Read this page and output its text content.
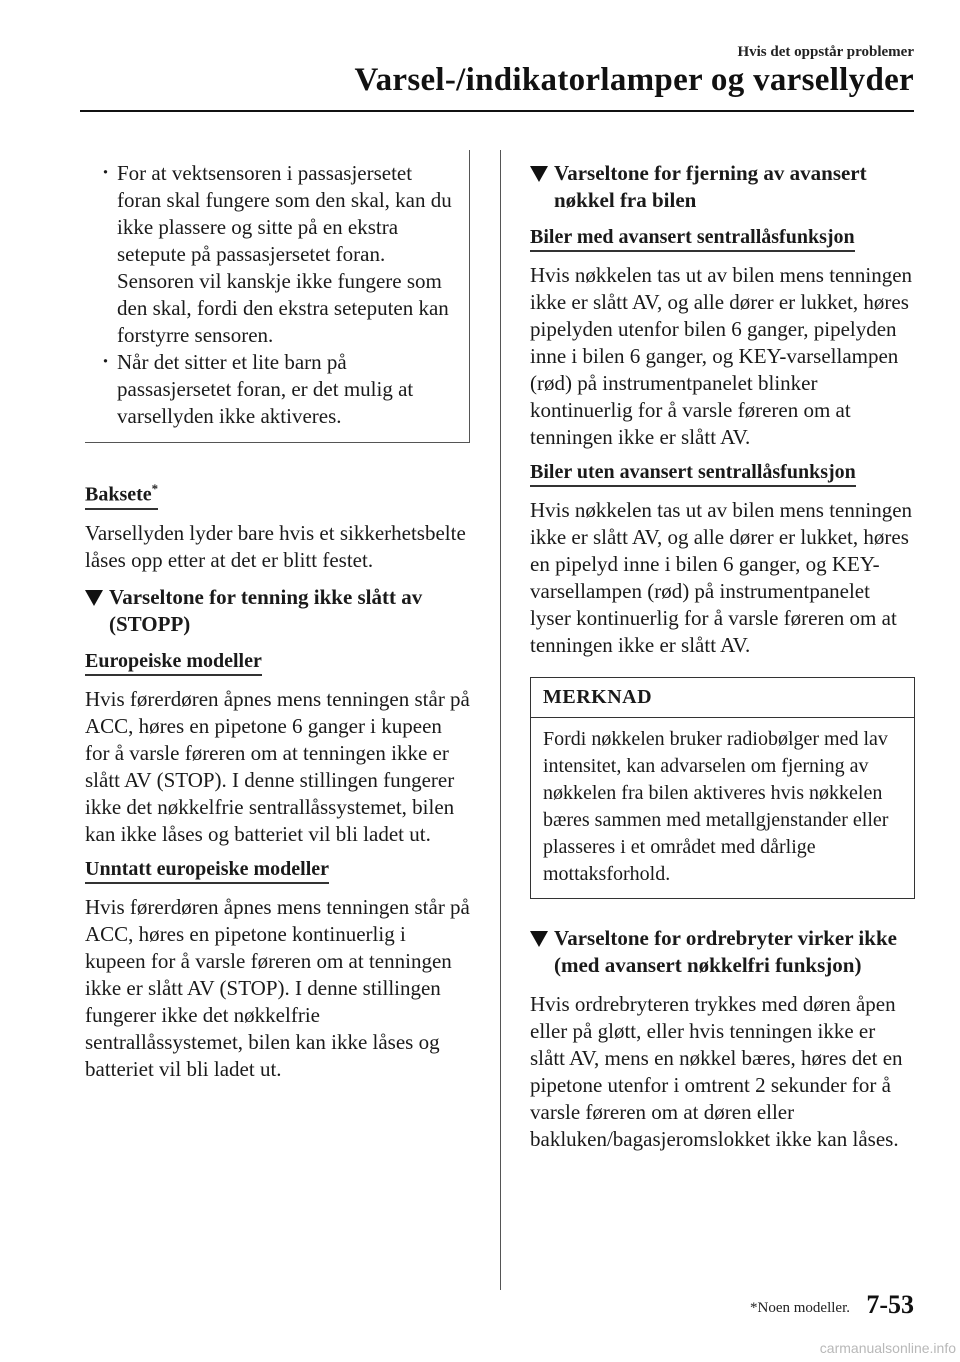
Hvis det oppstår problemer
Varsel-/indikatorlamper og varsellyder
· For at vektsensoren i passasjersetet foran skal fungere som den skal, kan du ikke plassere og sitte på en ekstra setepute på passasjersetet foran. Sensoren vil kanskje ikke fungere som den skal, fordi den ekstra seteputen kan forstyrre sensoren.
· Når det sitter et lite barn på passasjersetet foran, er det mulig at varsellyden ikke aktiveres.
Baksete*

Varsellyden lyder bare hvis et sikkerhetsbelte låses opp etter at det er blitt festet.

Varseltone for tenning ikke slått av (STOPP)
Europeiske modeller

Hvis førerdøren åpnes mens tenningen står på ACC, høres en pipetone 6 ganger i kupeen for å varsle føreren om at tenningen ikke er slått AV (STOP). I denne stillingen fungerer ikke det nøkkelfrie sentrallåssystemet, bilen kan ikke låses og batteriet vil bli ladet ut.

Unntatt europeiske modeller

Hvis førerdøren åpnes mens tenningen står på ACC, høres en pipetone kontinuerlig i kupeen for å varsle føreren om at tenningen ikke er slått AV (STOP). I denne stillingen fungerer ikke det nøkkelfrie sentrallåssystemet, bilen kan ikke låses og batteriet vil bli ladet ut.

Varseltone for fjerning av avansert nøkkel fra bilen
Biler med avansert sentrallåsfunksjon

Hvis nøkkelen tas ut av bilen mens tenningen ikke er slått AV, og alle dører er lukket, høres pipelyden utenfor bilen 6 ganger, pipelyden inne i bilen 6 ganger, og KEY-varsellampen (rød) på instrumentpanelet blinker kontinuerlig for å varsle føreren om at tenningen ikke er slått AV.

Biler uten avansert sentrallåsfunksjon

Hvis nøkkelen tas ut av bilen mens tenningen ikke er slått AV, og alle dører er lukket, høres en pipelyd inne i bilen 6 ganger, og KEY-varsellampen (rød) på instrumentpanelet lyser kontinuerlig for å varsle føreren om at tenningen ikke er slått AV.

MERKNAD
Fordi nøkkelen bruker radiobølger med lav intensitet, kan advarselen om fjerning av nøkkelen fra bilen aktiveres hvis nøkkelen bæres sammen med metallgjenstander eller plasseres i et området med dårlige mottaksforhold.
Varseltone for ordrebryter virker ikke (med avansert nøkkelfri funksjon)

Hvis ordrebryteren trykkes med døren åpen eller på gløtt, eller hvis tenningen ikke er slått AV, mens en nøkkel bæres, høres det en pipetone utenfor i omtrent 2 sekunder for å varsle føreren om at døren eller bakluken/bagasjeromslokket ikke kan låses.

*Noen modeller. 7-53
carmanualsonline.info
